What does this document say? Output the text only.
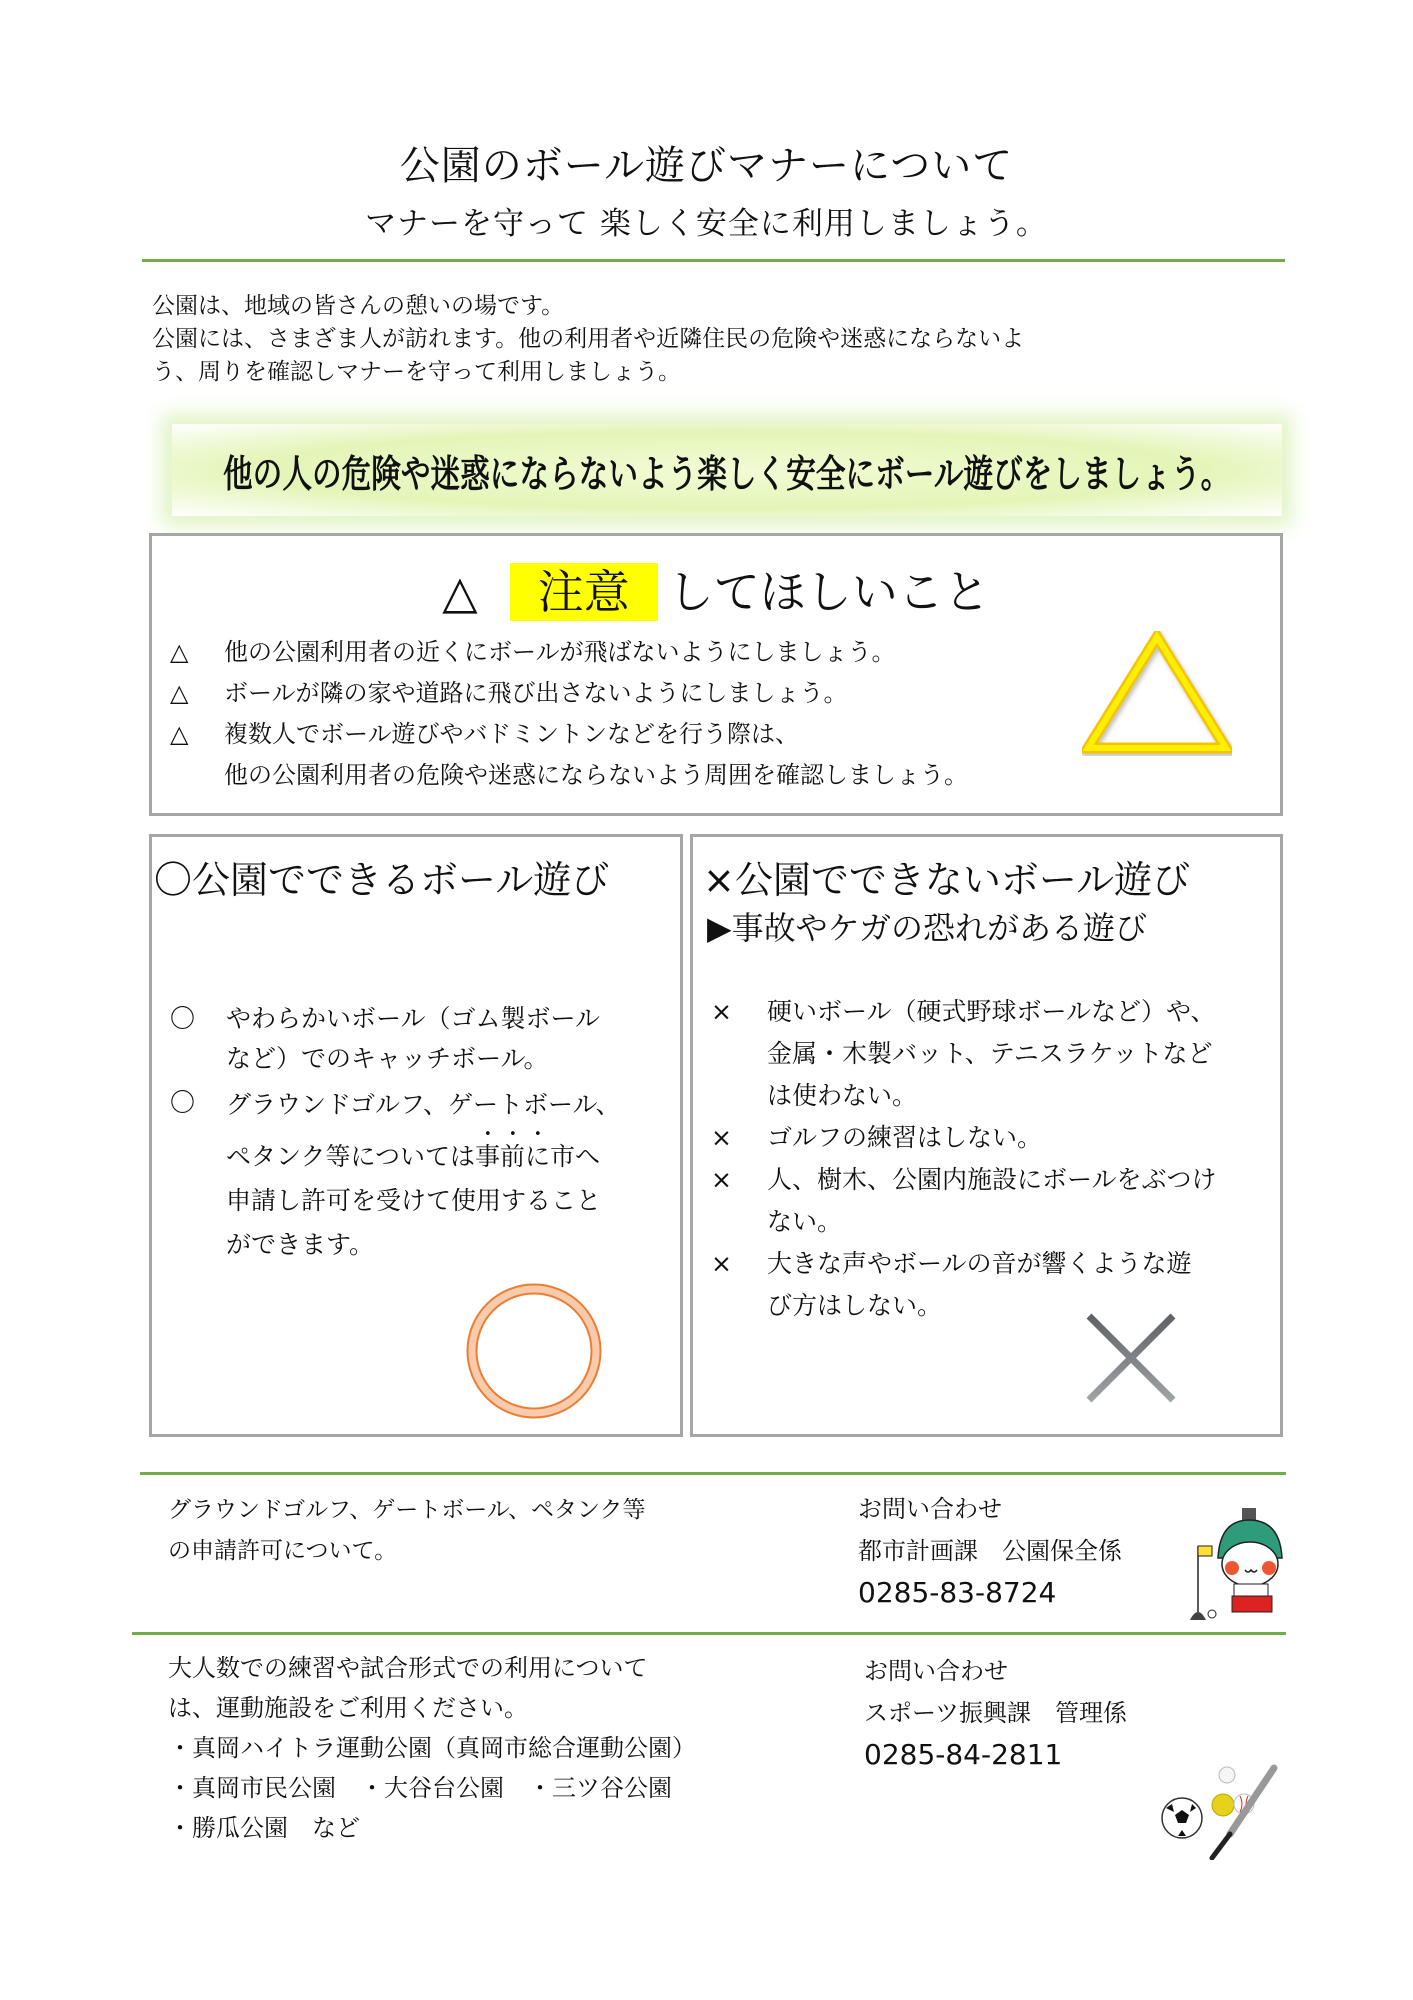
公園のボール遊びマナーについて
マナーを守って 楽しく安全に利用しましょう。
公園は、地域の皆さんの憩いの場です。
公園には、さまざま人が訪れます。他の利用者や近隣住民の危険や迷惑にならないよ
う、周りを確認しマナーを守って利用しましょう。
他の人の危険や迷惑にならないよう楽しく安全にボール遊びをしましょう。
△ 注意 してほしいこと
△	他の公園利用者の近くにボールが飛ばないようにしましょう。
△	ボールが隣の家や道路に飛び出さないようにしましょう。
△	複数人でボール遊びやバドミントンなどを行う際は、
他の公園利用者の危険や迷惑にならないよう周囲を確認しましょう。
〇公園でできるボール遊び
〇	やわらかいボール（ゴム製ボール
など）でのキャッチボール。
〇	グラウンドゴルフ、ゲートボール、
ペタンク等については事前に市へ
申請し許可を受けて使用すること
ができます。
×公園でできないボール遊び
▶事故やケガの恐れがある遊び
×	硬いボール（硬式野球ボールなど）や、
金属・木製バット、テニスラケットなど
は使わない。
×	ゴルフの練習はしない。
×	人、樹木、公園内施設にボールをぶつけ
ない。
×	大きな声やボールの音が響くような遊
び方はしない。
グラウンドゴルフ、ゲートボール、ペタンク等
の申請許可について。
お問い合わせ
都市計画課　公園保全係
0285-83-8724
大人数での練習や試合形式での利用について
は、運動施設をご利用ください。
・真岡ハイトラ運動公園（真岡市総合運動公園）
・真岡市民公園　・大谷台公園　・三ツ谷公園
・勝瓜公園　など
お問い合わせ
スポーツ振興課　管理係
0285-84-2811
